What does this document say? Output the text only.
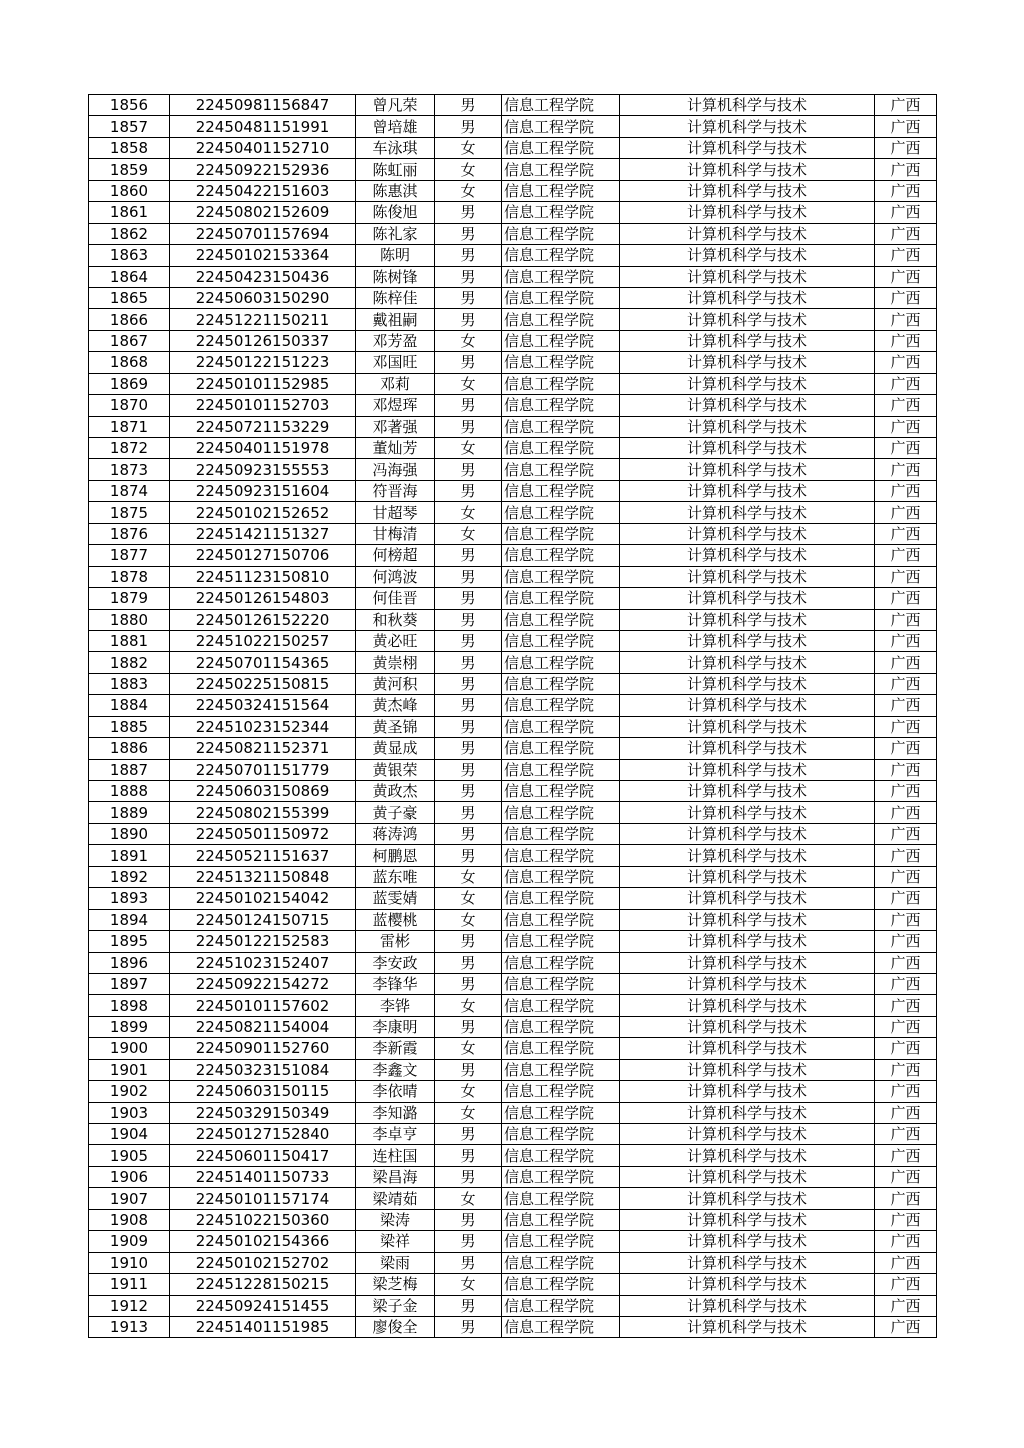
1856	22450981156847	曾凡荣	男	信息工程学院	计算机科学与技术	广西
1857	22450481151991	曾培雄	男	信息工程学院	计算机科学与技术	广西
1858	22450401152710	车泳琪	女	信息工程学院	计算机科学与技术	广西
1859	22450922152936	陈虹丽	女	信息工程学院	计算机科学与技术	广西
1860	22450422151603	陈惠淇	女	信息工程学院	计算机科学与技术	广西
1861	22450802152609	陈俊旭	男	信息工程学院	计算机科学与技术	广西
1862	22450701157694	陈礼家	男	信息工程学院	计算机科学与技术	广西
1863	22450102153364	陈明	男	信息工程学院	计算机科学与技术	广西
1864	22450423150436	陈树锋	男	信息工程学院	计算机科学与技术	广西
1865	22450603150290	陈梓佳	男	信息工程学院	计算机科学与技术	广西
1866	22451221150211	戴祖嗣	男	信息工程学院	计算机科学与技术	广西
1867	22450126150337	邓芳盈	女	信息工程学院	计算机科学与技术	广西
1868	22450122151223	邓国旺	男	信息工程学院	计算机科学与技术	广西
1869	22450101152985	邓莉	女	信息工程学院	计算机科学与技术	广西
1870	22450101152703	邓煜珲	男	信息工程学院	计算机科学与技术	广西
1871	22450721153229	邓著强	男	信息工程学院	计算机科学与技术	广西
1872	22450401151978	董灿芳	女	信息工程学院	计算机科学与技术	广西
1873	22450923155553	冯海强	男	信息工程学院	计算机科学与技术	广西
1874	22450923151604	符晋海	男	信息工程学院	计算机科学与技术	广西
1875	22450102152652	甘超琴	女	信息工程学院	计算机科学与技术	广西
1876	22451421151327	甘梅清	女	信息工程学院	计算机科学与技术	广西
1877	22450127150706	何榜超	男	信息工程学院	计算机科学与技术	广西
1878	22451123150810	何鸿波	男	信息工程学院	计算机科学与技术	广西
1879	22450126154803	何佳晋	男	信息工程学院	计算机科学与技术	广西
1880	22450126152220	和秋葵	男	信息工程学院	计算机科学与技术	广西
1881	22451022150257	黄必旺	男	信息工程学院	计算机科学与技术	广西
1882	22450701154365	黄崇栩	男	信息工程学院	计算机科学与技术	广西
1883	22450225150815	黄河积	男	信息工程学院	计算机科学与技术	广西
1884	22450324151564	黄杰峰	男	信息工程学院	计算机科学与技术	广西
1885	22451023152344	黄圣锦	男	信息工程学院	计算机科学与技术	广西
1886	22450821152371	黄显成	男	信息工程学院	计算机科学与技术	广西
1887	22450701151779	黄银荣	男	信息工程学院	计算机科学与技术	广西
1888	22450603150869	黄政杰	男	信息工程学院	计算机科学与技术	广西
1889	22450802155399	黄子豪	男	信息工程学院	计算机科学与技术	广西
1890	22450501150972	蒋涛鸿	男	信息工程学院	计算机科学与技术	广西
1891	22450521151637	柯鹏恩	男	信息工程学院	计算机科学与技术	广西
1892	22451321150848	蓝东唯	女	信息工程学院	计算机科学与技术	广西
1893	22450102154042	蓝雯婧	女	信息工程学院	计算机科学与技术	广西
1894	22450124150715	蓝樱桃	女	信息工程学院	计算机科学与技术	广西
1895	22450122152583	雷彬	男	信息工程学院	计算机科学与技术	广西
1896	22451023152407	李安政	男	信息工程学院	计算机科学与技术	广西
1897	22450922154272	李锋华	男	信息工程学院	计算机科学与技术	广西
1898	22450101157602	李铧	女	信息工程学院	计算机科学与技术	广西
1899	22450821154004	李康明	男	信息工程学院	计算机科学与技术	广西
1900	22450901152760	李新霞	女	信息工程学院	计算机科学与技术	广西
1901	22450323151084	李鑫文	男	信息工程学院	计算机科学与技术	广西
1902	22450603150115	李依晴	女	信息工程学院	计算机科学与技术	广西
1903	22450329150349	李知潞	女	信息工程学院	计算机科学与技术	广西
1904	22450127152840	李卓亨	男	信息工程学院	计算机科学与技术	广西
1905	22450601150417	连柱国	男	信息工程学院	计算机科学与技术	广西
1906	22451401150733	梁昌海	男	信息工程学院	计算机科学与技术	广西
1907	22450101157174	梁靖茹	女	信息工程学院	计算机科学与技术	广西
1908	22451022150360	梁涛	男	信息工程学院	计算机科学与技术	广西
1909	22450102154366	梁祥	男	信息工程学院	计算机科学与技术	广西
1910	22450102152702	梁雨	男	信息工程学院	计算机科学与技术	广西
1911	22451228150215	梁芝梅	女	信息工程学院	计算机科学与技术	广西
1912	22450924151455	梁子金	男	信息工程学院	计算机科学与技术	广西
1913	22451401151985	廖俊全	男	信息工程学院	计算机科学与技术	广西
